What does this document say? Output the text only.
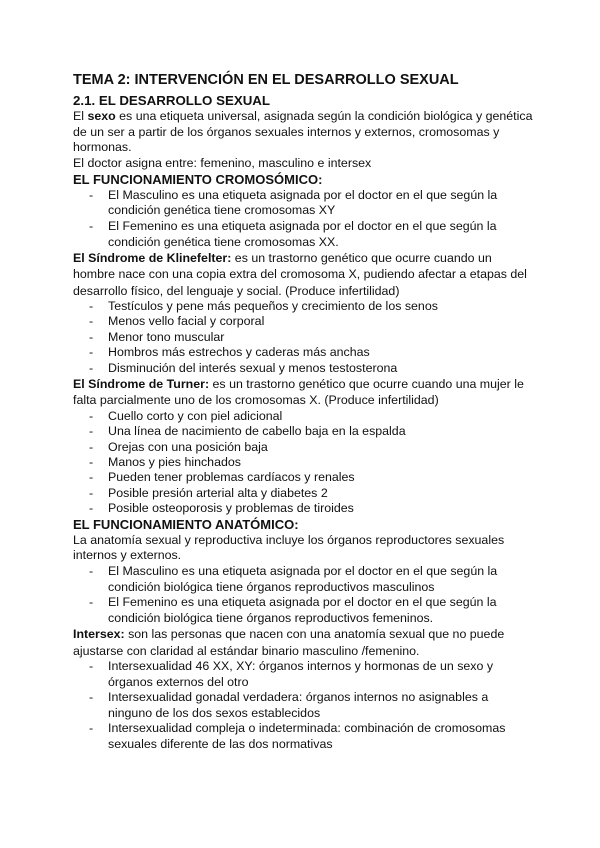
TEMA 2: INTERVENCIÓN EN EL DESARROLLO SEXUAL
2.1. EL DESARROLLO SEXUAL

El sexo es una etiqueta universal, asignada según la condición biológica y genética de un ser a partir de los órganos sexuales internos y externos, cromosomas y hormonas.

El doctor asigna entre: femenino, masculino e intersex

EL FUNCIONAMIENTO CROMOSÓMICO:
- El Masculino es una etiqueta asignada por el doctor en el que según la condición genética tiene cromosomas XY
- El Femenino es una etiqueta asignada por el doctor en el que según la condición genética tiene cromosomas XX.

El Síndrome de Klinefelter: es un trastorno genético que ocurre cuando un hombre nace con una copia extra del cromosoma X, pudiendo afectar a etapas del desarrollo físico, del lenguaje y social. (Produce infertilidad)

- Testículos y pene más pequeños y crecimiento de los senos
- Menos vello facial y corporal
- Menor tono muscular
- Hombros más estrechos y caderas más anchas
- Disminución del interés sexual y menos testosterona

El Síndrome de Turner: es un trastorno genético que ocurre cuando una mujer le falta parcialmente uno de los cromosomas X. (Produce infertilidad)

- Cuello corto y con piel adicional
- Una línea de nacimiento de cabello baja en la espalda
- Orejas con una posición baja
- Manos y pies hinchados
- Pueden tener problemas cardíacos y renales
- Posible presión arterial alta y diabetes 2
- Posible osteoporosis y problemas de tiroides
EL FUNCIONAMIENTO ANATÓMICO:

La anatomía sexual y reproductiva incluye los órganos reproductores sexuales internos y externos.

- El Masculino es una etiqueta asignada por el doctor en el que según la condición biológica tiene órganos reproductivos masculinos
- El Femenino es una etiqueta asignada por el doctor en el que según la condición biológica tiene órganos reproductivos femeninos.

Intersex: son las personas que nacen con una anatomía sexual que no puede ajustarse con claridad al estándar binario masculino /femenino.

- Intersexualidad 46 XX, XY: órganos internos y hormonas de un sexo y órganos externos del otro
- Intersexualidad gonadal verdadera: órganos internos no asignables a ninguno de los dos sexos establecidos
- Intersexualidad compleja o indeterminada: combinación de cromosomas sexuales diferente de las dos normativas
